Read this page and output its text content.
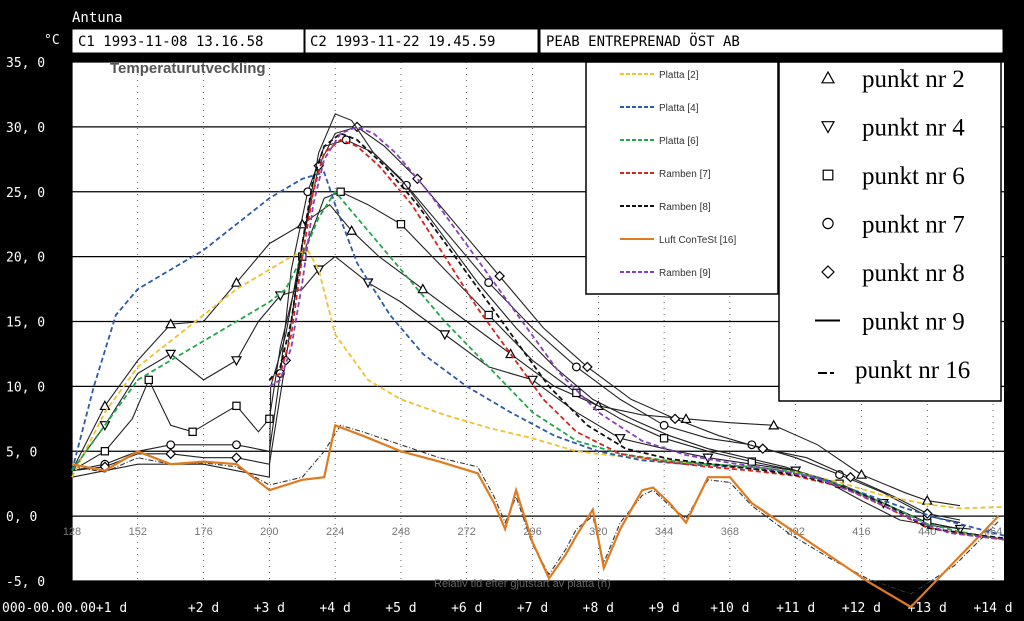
Antuna
°C C1 1993-11-08 13.16.58	C2 1993-11-22 19.45.59	PEAB ENTREPRENAD ÖST AB
-5, 0
0, 0
5, 0
10, 0
15, 0
20, 0
25, 0
30, 0
35, 0
128	152	176	200	224	248	272	296	320	344	368	392	416	440	464
000-00.00.00+1 d	+2 d	+3 d	+4 d	+5 d	+6 d	+7 d	+8 d	+9 d +10 d +11 d +12 d +13 d +14 d
Temperaturutveckling
Relativ tid efter gjutstart av platta (h)
Platta [2]
Platta [4]
Platta [6]
Ramben [7]
Ramben [8]
Luft ConTeSt [16]
Ramben [9]
punkt nr 2
punkt nr 4
punkt nr 6
punkt nr 7
punkt nr 8
punkt nr 9
punkt nr 16
